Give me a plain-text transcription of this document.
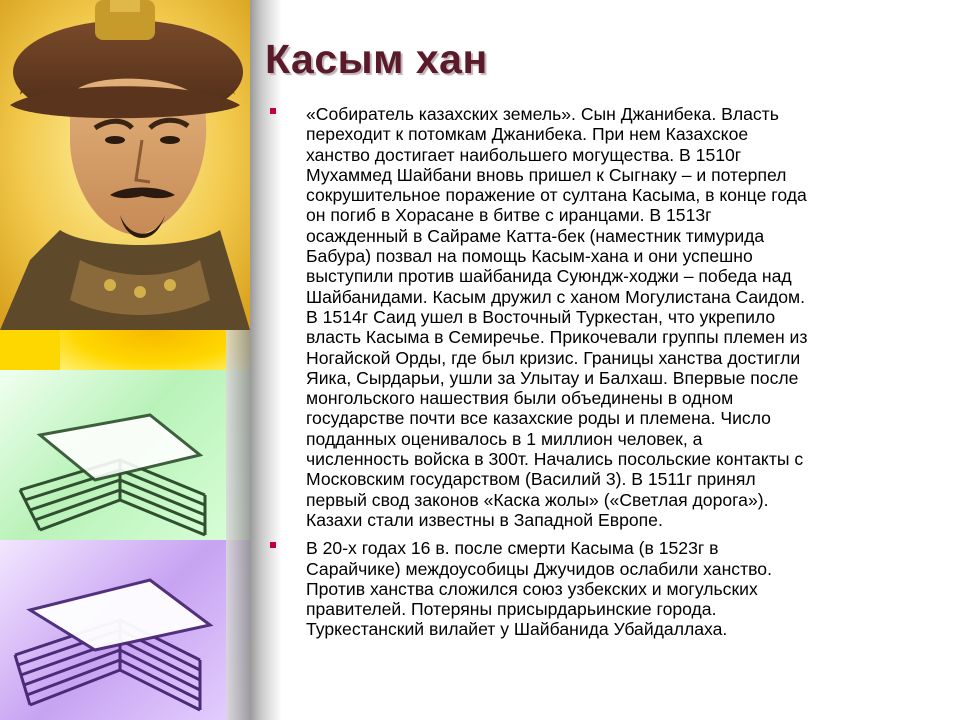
Касым хан
«Собиратель казахских земель». Сын Джанибека. Власть
переходит к потомкам Джанибека. При нем Казахское
ханство достигает наибольшего могущества. В 1510г
Мухаммед Шайбани вновь пришел к Сыгнаку – и потерпел
сокрушительное поражение от султана Касыма, в конце года
он погиб в Хорасане в битве с иранцами. В 1513г
осажденный в Сайраме Катта-бек (наместник тимурида
Бабура) позвал на помощь Касым-хана и они успешно
выступили против шайбанида Суюндж-ходжи – победа над
Шайбанидами. Касым дружил с ханом Могулистана Саидом.
В 1514г Саид ушел в Восточный Туркестан, что укрепило
власть Касыма в Семиречье. Прикочевали группы племен из
Ногайской Орды, где был кризис. Границы ханства достигли
Яика, Сырдарьи, ушли за Улытау и Балхаш. Впервые после
монгольского нашествия были объединены в одном
государстве почти все казахские роды и племена. Число
подданных оценивалось в 1 миллион человек, а
численность войска в 300т. Начались посольские контакты с
Московским государством (Василий 3). В 1511г принял
первый свод законов «Каска жолы» («Светлая дорога»).
Казахи стали известны в Западной Европе.
В 20-х годах 16 в. после смерти Касыма (в 1523г в
Сарайчике) междоусобицы Джучидов ослабили ханство.
Против ханства сложился союз узбекских и могульских
правителей. Потеряны присырдарьинские города.
Туркестанский вилайет у Шайбанида Убайдаллаха.
